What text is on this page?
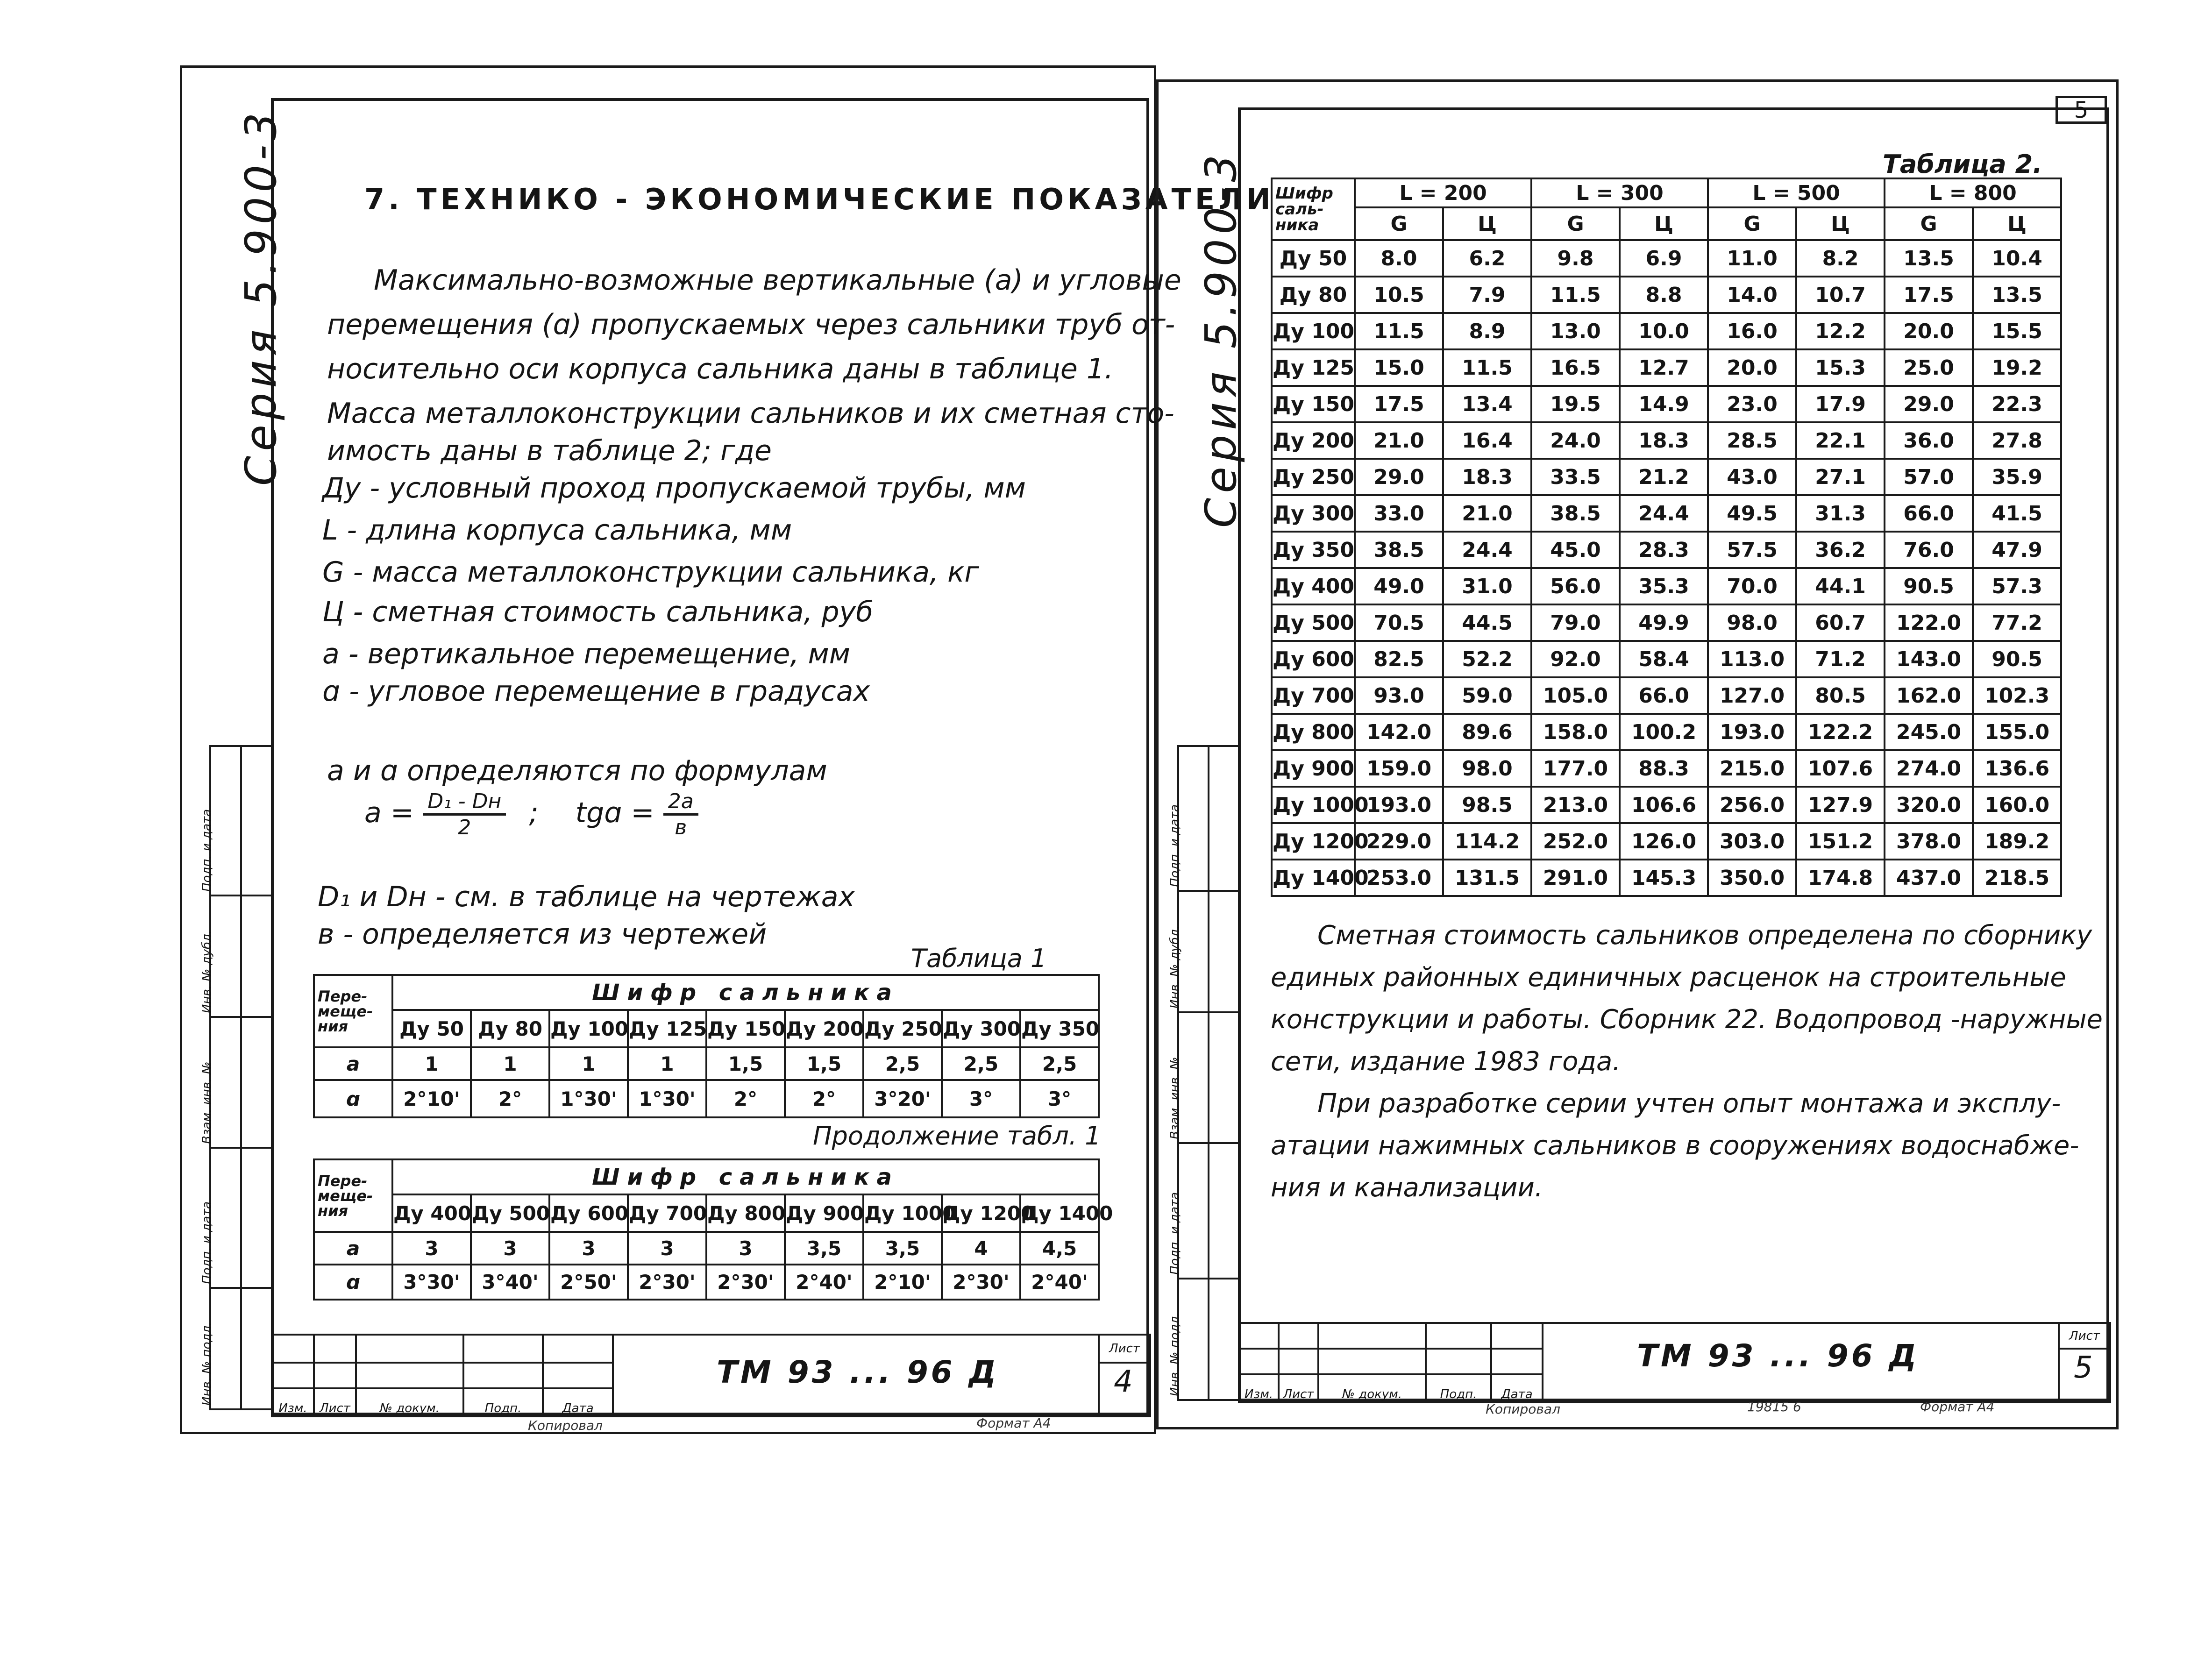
Серия 5.900-3	7. ТЕХНИКО - ЭКОНОМИЧЕСКИЕ ПОКАЗАТЕЛИ
Максимально-возможные вертикальные (а) и угловые
перемещения (ɑ) пропускаемых через сальники труб от-
носительно оси корпуса сальника даны в таблице 1.
Масса металлоконструкции сальников и их сметная сто-
имость даны в таблице 2; где
Ду - условный проход пропускаемой трубы, мм
L - длина корпуса сальника, мм
G - масса металлоконструкции сальника, кг
Ц - сметная стоимость сальника, руб
а - вертикальное перемещение, мм
ɑ - угловое перемещение в градусах
а и ɑ определяются по формулам
$а = \frac{\text{D₁ - Dн}}{2}$ ; tgɑ = $\frac{2а}{в}$
D₁ и Dн - см. в таблице на чертежах
в - определяется из чертежей
Таблица 1
Пере-
меще-
ния	Шифр сальника								
	Ду 50	Ду 80	Ду 100	Ду 125	Ду 150	Ду 200	Ду 250	Ду 300	Ду 350
а	1	1	1	1	1,5	1,5	2,5	2,5	2,5
ɑ	2°10'	2°	1°30'	1°30'	2°	2°	3°20'	3°	3°
Продолжение табл. 1
Пере-
меще-
ния	Шифр сальника								
	Ду 400	Ду 500	Ду 600	Ду 700	Ду 800	Ду 900	Ду 1000	Ду 1200	Ду 1400
а	3	3	3	3	3	3,5	3,5	4	4,5
ɑ	3°30'	3°40'	2°50'	2°30'	2°30'	2°40'	2°10'	2°30'	2°40'
Подп. и дата	

Инв. № дубл.	

Взам. инв. №	

Подп. и дата	

Инв. № подл.	

					ТМ 93 ... 96 Д	Лист

						4

Изм.	Лист	№ докум.	Подп.	Дата		
Копировал	Формат А4
5
Серия 5.900-3	Таблица 2.
Шифр
саль-
ника	L = 200		L = 300		L = 500		L = 800	
	G	Ц	G	Ц	G	Ц	G	Ц
Ду 50	8.0	6.2	9.8	6.9	11.0	8.2	13.5	10.4
Ду 80	10.5	7.9	11.5	8.8	14.0	10.7	17.5	13.5
Ду 100	11.5	8.9	13.0	10.0	16.0	12.2	20.0	15.5
Ду 125	15.0	11.5	16.5	12.7	20.0	15.3	25.0	19.2
Ду 150	17.5	13.4	19.5	14.9	23.0	17.9	29.0	22.3
Ду 200	21.0	16.4	24.0	18.3	28.5	22.1	36.0	27.8
Ду 250	29.0	18.3	33.5	21.2	43.0	27.1	57.0	35.9
Ду 300	33.0	21.0	38.5	24.4	49.5	31.3	66.0	41.5
Ду 350	38.5	24.4	45.0	28.3	57.5	36.2	76.0	47.9
Ду 400	49.0	31.0	56.0	35.3	70.0	44.1	90.5	57.3
Ду 500	70.5	44.5	79.0	49.9	98.0	60.7	122.0	77.2
Ду 600	82.5	52.2	92.0	58.4	113.0	71.2	143.0	90.5
Ду 700	93.0	59.0	105.0	66.0	127.0	80.5	162.0	102.3
Ду 800	142.0	89.6	158.0	100.2	193.0	122.2	245.0	155.0
Ду 900	159.0	98.0	177.0	88.3	215.0	107.6	274.0	136.6
Ду 1000	193.0	98.5	213.0	106.6	256.0	127.9	320.0	160.0
Ду 1200	229.0	114.2	252.0	126.0	303.0	151.2	378.0	189.2
Ду 1400	253.0	131.5	291.0	145.3	350.0	174.8	437.0	218.5
Сметная стоимость сальников определена по сборнику
единых районных единичных расценок на строительные
конструкции и работы. Сборник 22. Водопровод -наружные
сети, издание 1983 года.
При разработке серии учтен опыт монтажа и эксплу-
атации нажимных сальников в сооружениях водоснабже-
ния и канализации.
Подп. и дата	

Инв. № дубл.	

Взам. инв. №	

Подп. и дата	

Инв. № подл.	

					ТМ 93 ... 96 Д	Лист

						5

Изм.	Лист	№ докум.	Подп.	Дата		
Копировал	19815 6	Формат А4
